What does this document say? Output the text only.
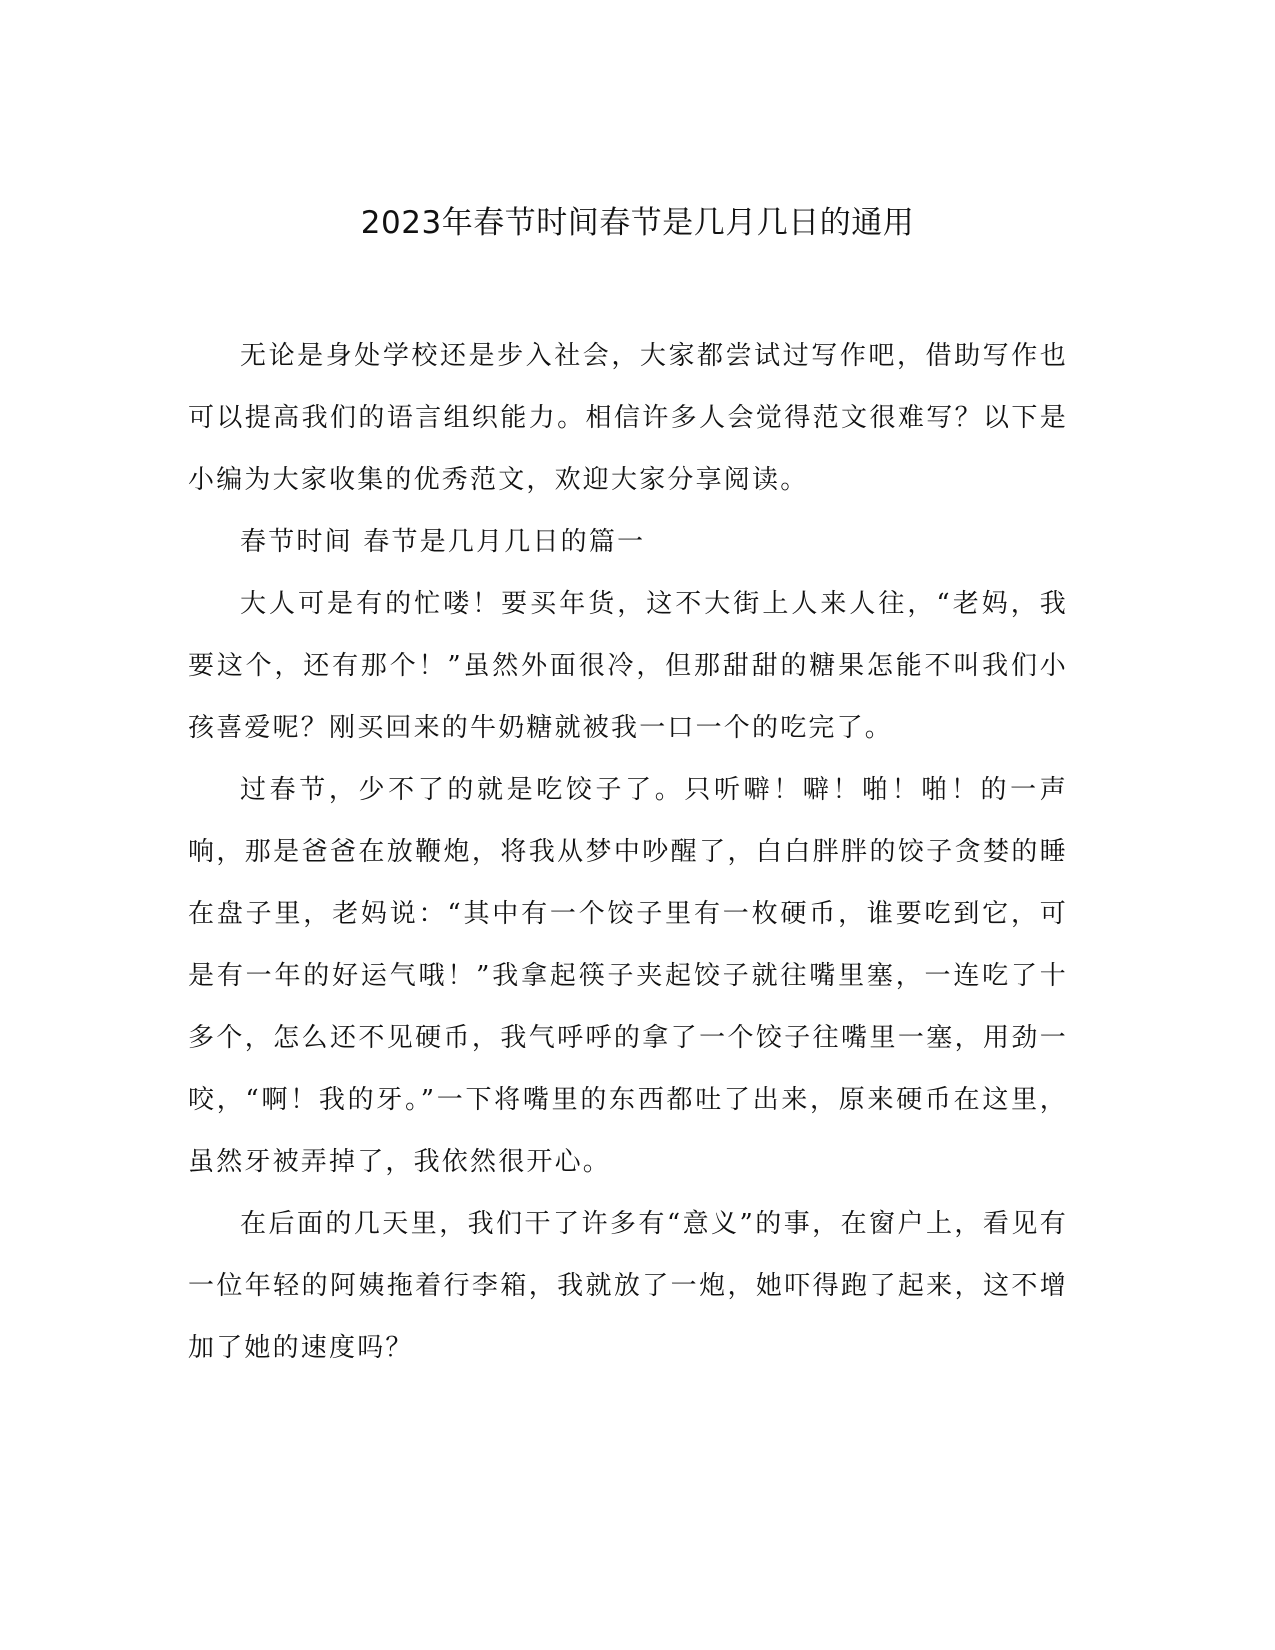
2023年春节时间春节是几月几日的通用

无论是身处学校还是步入社会，大家都尝试过写作吧，借助写作也可以提高我们的语言组织能力。相信许多人会觉得范文很难写？以下是小编为大家收集的优秀范文，欢迎大家分享阅读。

春节时间 春节是几月几日的篇一

大人可是有的忙喽！要买年货，这不大街上人来人往，“老妈，我要这个，还有那个！”虽然外面很冷，但那甜甜的糖果怎能不叫我们小孩喜爱呢？刚买回来的牛奶糖就被我一口一个的吃完了。

过春节，少不了的就是吃饺子了。只听噼！噼！啪！啪！的一声响，那是爸爸在放鞭炮，将我从梦中吵醒了，白白胖胖的饺子贪婪的睡在盘子里，老妈说：“其中有一个饺子里有一枚硬币，谁要吃到它，可是有一年的好运气哦！”我拿起筷子夹起饺子就往嘴里塞，一连吃了十多个，怎么还不见硬币，我气呼呼的拿了一个饺子往嘴里一塞，用劲一咬，“啊！我的牙。”一下将嘴里的东西都吐了出来，原来硬币在这里，虽然牙被弄掉了，我依然很开心。

在后面的几天里，我们干了许多有“意义”的事，在窗户上，看见有一位年轻的阿姨拖着行李箱，我就放了一炮，她吓得跑了起来，这不增加了她的速度吗？
